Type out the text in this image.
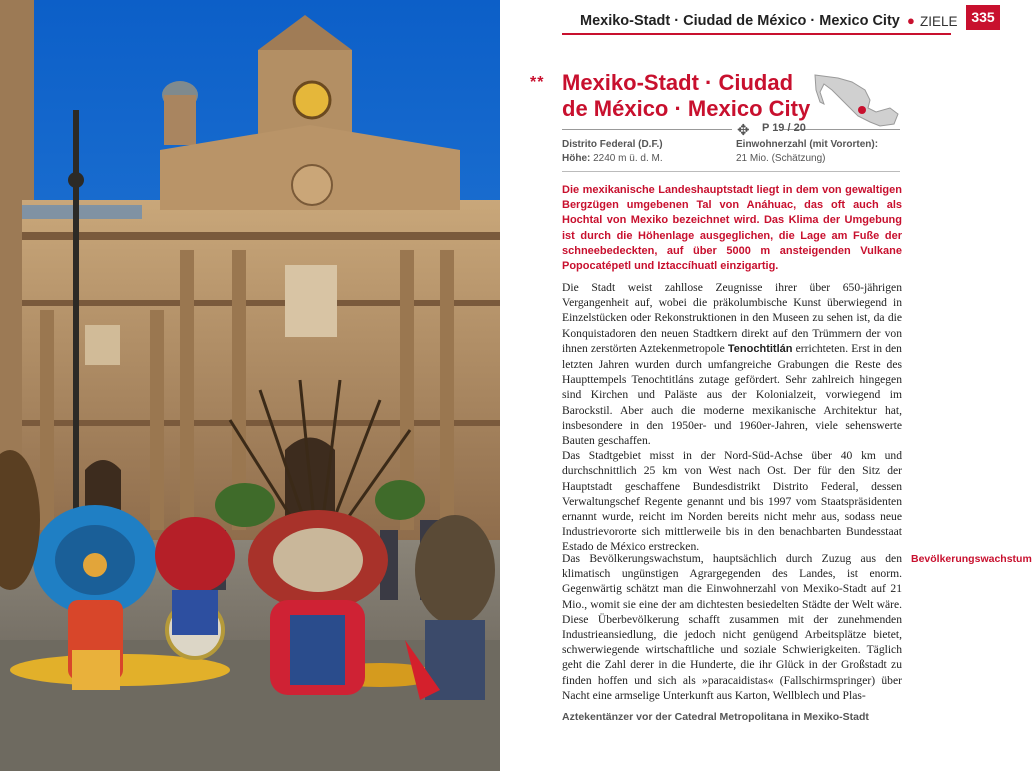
Mexiko-Stadt · Ciudad de México · Mexico City ● ZIELE 335
** Mexiko-Stadt · Ciudad
de México · Mexico City
✥ P 19 / 20
Distrito Federal (D.F.)
Höhe: 2240 m ü. d. M.
Einwohnerzahl (mit Vororten):
21 Mio. (Schätzung)

Die mexikanische Landeshauptstadt liegt in dem von gewaltigen Bergzügen umgebenen Tal von Anáhuac, das oft auch als Hochtal von Mexiko bezeichnet wird. Das Klima der Umgebung ist durch die Höhenlage ausgeglichen, die Lage am Fuße der schneebedeckten, auf über 5000 m ansteigenden Vulkane Popocatépetl und Iztaccíhuatl einzigartig.

Die Stadt weist zahllose Zeugnisse ihrer über 650-jährigen Vergangenheit auf, wobei die präkolumbische Kunst überwiegend in Einzelstücken oder Rekonstruktionen in den Museen zu sehen ist, da die Konquistadoren den neuen Stadtkern direkt auf den Trümmern der von ihnen zerstörten Aztekenmetropole Tenochtitlán errichteten. Erst in den letzten Jahren wurden durch umfangreiche Grabungen die Reste des Haupttempels Tenochtitláns zutage gefördert. Sehr zahlreich hingegen sind Kirchen und Paläste aus der Kolonialzeit, vorwiegend im Barockstil. Aber auch die moderne mexikanische Architektur hat, insbesondere in den 1950er- und 1960er-Jahren, viele sehenswerte Bauten geschaffen.

Das Stadtgebiet misst in der Nord-Süd-Achse über 40 km und durchschnittlich 25 km von West nach Ost. Der für den Sitz der Hauptstadt geschaffene Bundesdistrikt Distrito Federal, dessen Verwaltungschef Regente genannt und bis 1997 vom Staatspräsidenten ernannt wurde, reicht im Norden bereits nicht mehr aus, sodass neue Industrievororte sich mittlerweile bis in den benachbarten Bundesstaat Estado de México erstrecken.

Das Bevölkerungswachstum, hauptsächlich durch Zuzug aus den klimatisch ungünstigen Agrargegenden des Landes, ist enorm. Gegenwärtig schätzt man die Einwohnerzahl von Mexiko-Stadt auf 21 Mio., womit sie eine der am dichtesten besiedelten Städte der Welt wäre. Diese Überbevölkerung schafft zusammen mit der zunehmenden Industrieansiedlung, die jedoch nicht genügend Arbeitsplätze bietet, schwerwiegende wirtschaftliche und soziale Schwierigkeiten. Täglich geht die Zahl derer in die Hunderte, die ihr Glück in der Großstadt zu finden hoffen und sich als »paracaidistas« (Fallschirmspringer) über Nacht eine armselige Unterkunft aus Karton, Wellblech und Plas-

Bevölkerungswachstum
Aztekentänzer vor der Catedral Metropolitana in Mexiko-Stadt
